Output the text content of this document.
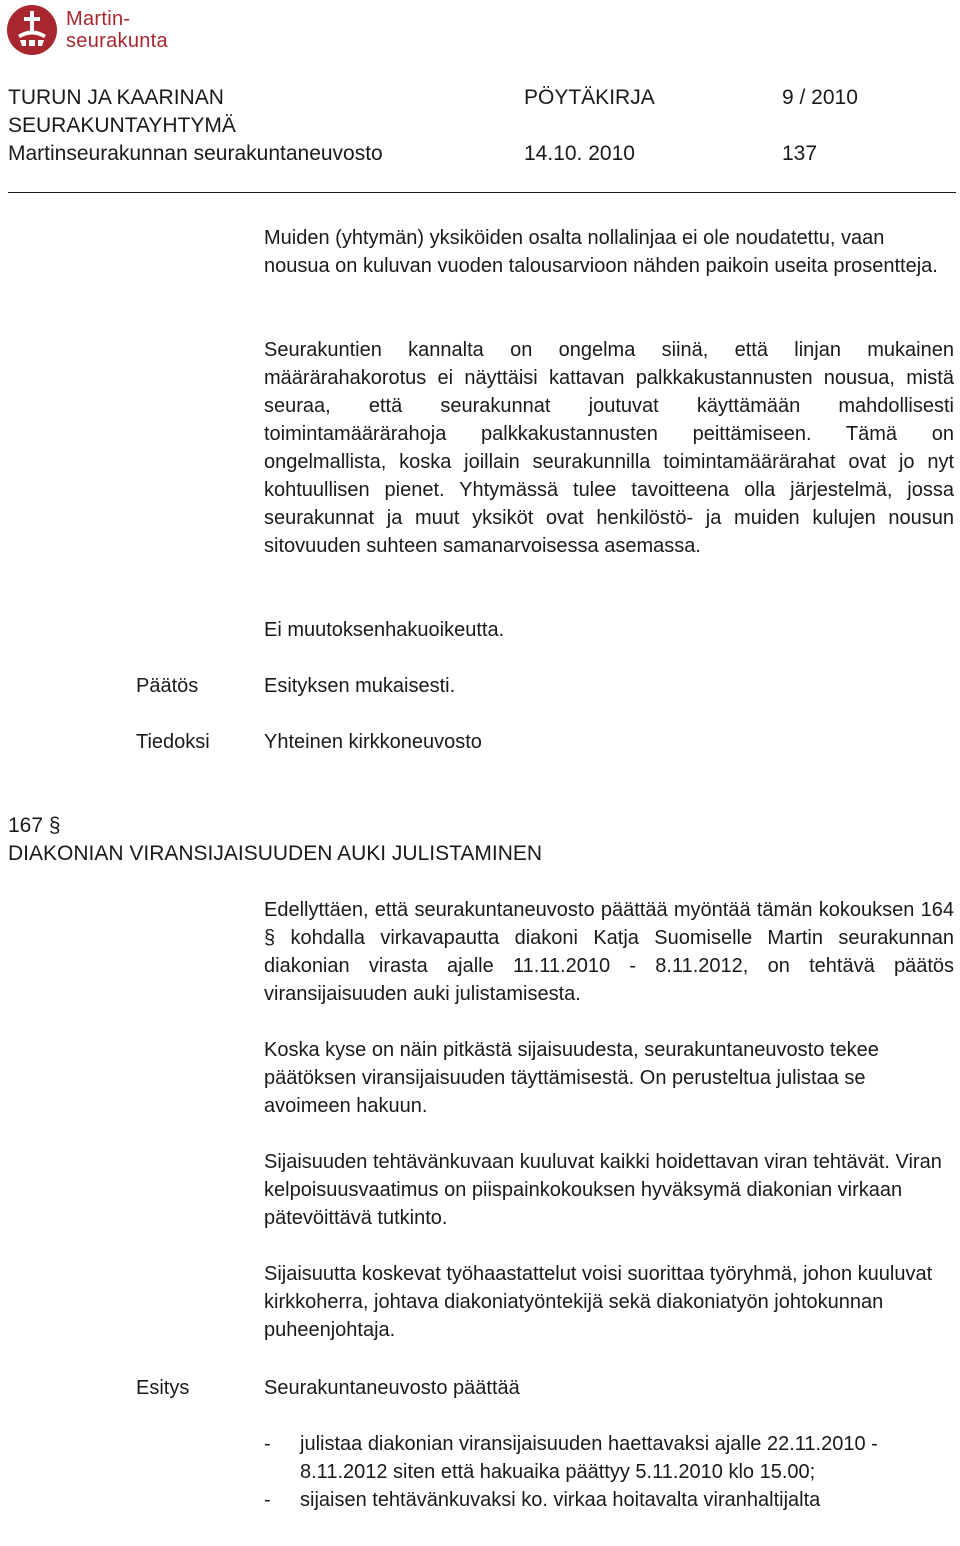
Martin-
seurakunta
TURUN JA KAARINAN
SEURAKUNTAYHTYMÄ
Martinseurakunnan seurakuntaneuvosto
PÖYTÄKIRJA	9 / 2010
14.10. 2010	137

Muiden (yhtymän) yksiköiden osalta nollalinjaa ei ole noudatettu, vaan nousua on kuluvan vuoden talousarvioon nähden paikoin useita prosentteja.

Seurakuntien kannalta on ongelma siinä, että linjan mukainen määrärahakorotus ei näyttäisi kattavan palkkakustannusten nousua, mistä seuraa, että seurakunnat joutuvat käyttämään mahdollisesti toimintamäärärahoja palkkakustannusten peittämiseen. Tämä on ongelmallista, koska joillain seurakunnilla toimintamäärärahat ovat jo nyt kohtuullisen pienet. Yhtymässä tulee tavoitteena olla järjestelmä, jossa seurakunnat ja muut yksiköt ovat henkilöstö- ja muiden kulujen nousun sitovuuden suhteen samanarvoisessa asemassa.

Ei muutoksenhakuoikeutta.

Päätös	Esityksen mukaisesti.
Tiedoksi	Yhteinen kirkkoneuvosto
167 §
DIAKONIAN VIRANSIJAISUUDEN AUKI JULISTAMINEN

Edellyttäen, että seurakuntaneuvosto päättää myöntää tämän kokouksen 164 § kohdalla virkavapautta diakoni Katja Suomiselle Martin seurakunnan diakonian virasta ajalle 11.11.2010 - 8.11.2012, on tehtävä päätös viransijaisuuden auki julistamisesta.

Koska kyse on näin pitkästä sijaisuudesta, seurakuntaneuvosto tekee päätöksen viransijaisuuden täyttämisestä. On perusteltua julistaa se avoimeen hakuun.

Sijaisuuden tehtävänkuvaan kuuluvat kaikki hoidettavan viran tehtävät. Viran kelpoisuusvaatimus on piispainkokouksen hyväksymä diakonian virkaan pätevöittävä tutkinto.

Sijaisuutta koskevat työhaastattelut voisi suorittaa työryhmä, johon kuuluvat kirkkoherra, johtava diakoniatyöntekijä sekä diakoniatyön johtokunnan puheenjohtaja.

Esitys	Seurakuntaneuvosto päättää
-	julistaa diakonian viransijaisuuden haettavaksi ajalle 22.11.2010 - 8.11.2012 siten että hakuaika päättyy 5.11.2010 klo 15.00;
-	sijaisen tehtävänkuvaksi ko. virkaa hoitavalta viranhaltijalta
